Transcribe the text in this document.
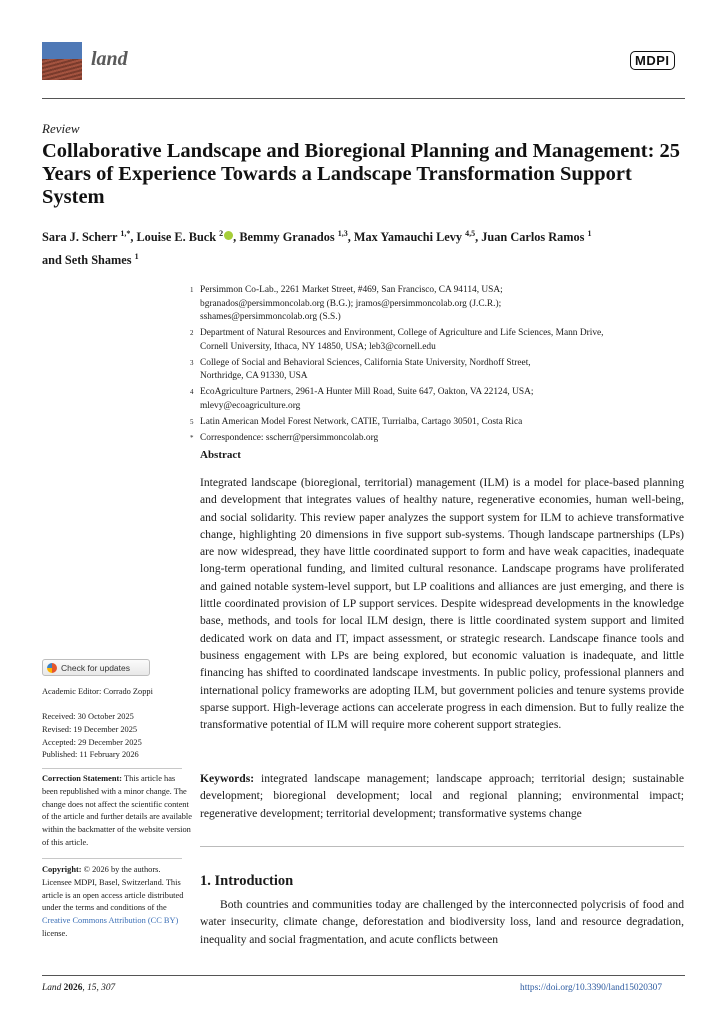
land	MDPI
Review
Collaborative Landscape and Bioregional Planning and Management: 25 Years of Experience Towards a Landscape Transformation Support System
Sara J. Scherr $^{1,*}$, Louise E. Buck $^2$ , Bemmy Granados $^{1,3}$, Max Yamauchi Levy $^{4,5}$, Juan Carlos Ramos $^1$
and Seth Shames $^1$
1 Persimmon Co-Lab., 2261 Market Street, #469, San Francisco, CA 94114, USA;
bgranados@persimmoncolab.org (B.G.); jramos@persimmoncolab.org (J.C.R.);
sshames@persimmoncolab.org (S.S.)
2 Department of Natural Resources and Environment, College of Agriculture and Life Sciences, Mann Drive,
Cornell University, Ithaca, NY 14850, USA; leb3@cornell.edu
3 College of Social and Behavioral Sciences, California State University, Nordhoff Street,
Northridge, CA 91330, USA
4 EcoAgriculture Partners, 2961-A Hunter Mill Road, Suite 647, Oakton, VA 22124, USA;
mlevy@ecoagriculture.org
5 Latin American Model Forest Network, CATIE, Turrialba, Cartago 30501, Costa Rica
* Correspondence: sscherr@persimmoncolab.org
Abstract
Integrated landscape (bioregional, territorial) management (ILM) is a model for place-based planning and development that integrates values of healthy nature, regenerative economies, human well-being, and social solidarity. This review paper analyzes the support system for ILM to achieve transformative change, highlighting 20 dimensions in five support sub-systems. Though landscape partnerships (LPs) are now widespread, they have little coordinated support to form and have weak capacities, inadequate long-term operational funding, and limited cultural resonance. Landscape programs have proliferated and gained notable system-level support, but LP coalitions and alliances are just emerging, and there is little coordinated provision of LP support services. Despite widespread developments in the knowledge base, methods, and tools for local ILM design, there is little coordinated system support and limited dedicated work on data and IT, impact assessment, or strategic research. Landscape finance tools and business engagement with LPs are being explored, but economic valuation is inadequate, and little financing has shifted to coordinated landscape investments. In public policy, professional planners and international policy frameworks are adopting ILM, but government policies and tenure systems provide sparse support. High-leverage actions can accelerate progress in each dimension. But to fully realize the transformative potential of ILM will require more coherent support strategies.
Keywords: integrated landscape management; landscape approach; territorial design; sustainable development; bioregional development; local and regional planning; environmental impact; regenerative development; territorial development; transformative systems change
1. Introduction
Both countries and communities today are challenged by the interconnected polycrisis of food and water insecurity, climate change, deforestation and biodiversity loss, land and resource degradation, inequality and social fragmentation, and acute conflicts between
Check for updates
Academic Editor: Corrado Zoppi
Received: 30 October 2025
Revised: 19 December 2025
Accepted: 29 December 2025
Published: 11 February 2026
Correction Statement: This article has been republished with a minor change. The change does not affect the scientific content of the article and further details are available within the backmatter of the website version of this article.
Copyright: © 2026 by the authors. Licensee MDPI, Basel, Switzerland. This article is an open access article distributed under the terms and conditions of the Creative Commons Attribution (CC BY) license.
Land 2026, 15, 307	https://doi.org/10.3390/land15020307
